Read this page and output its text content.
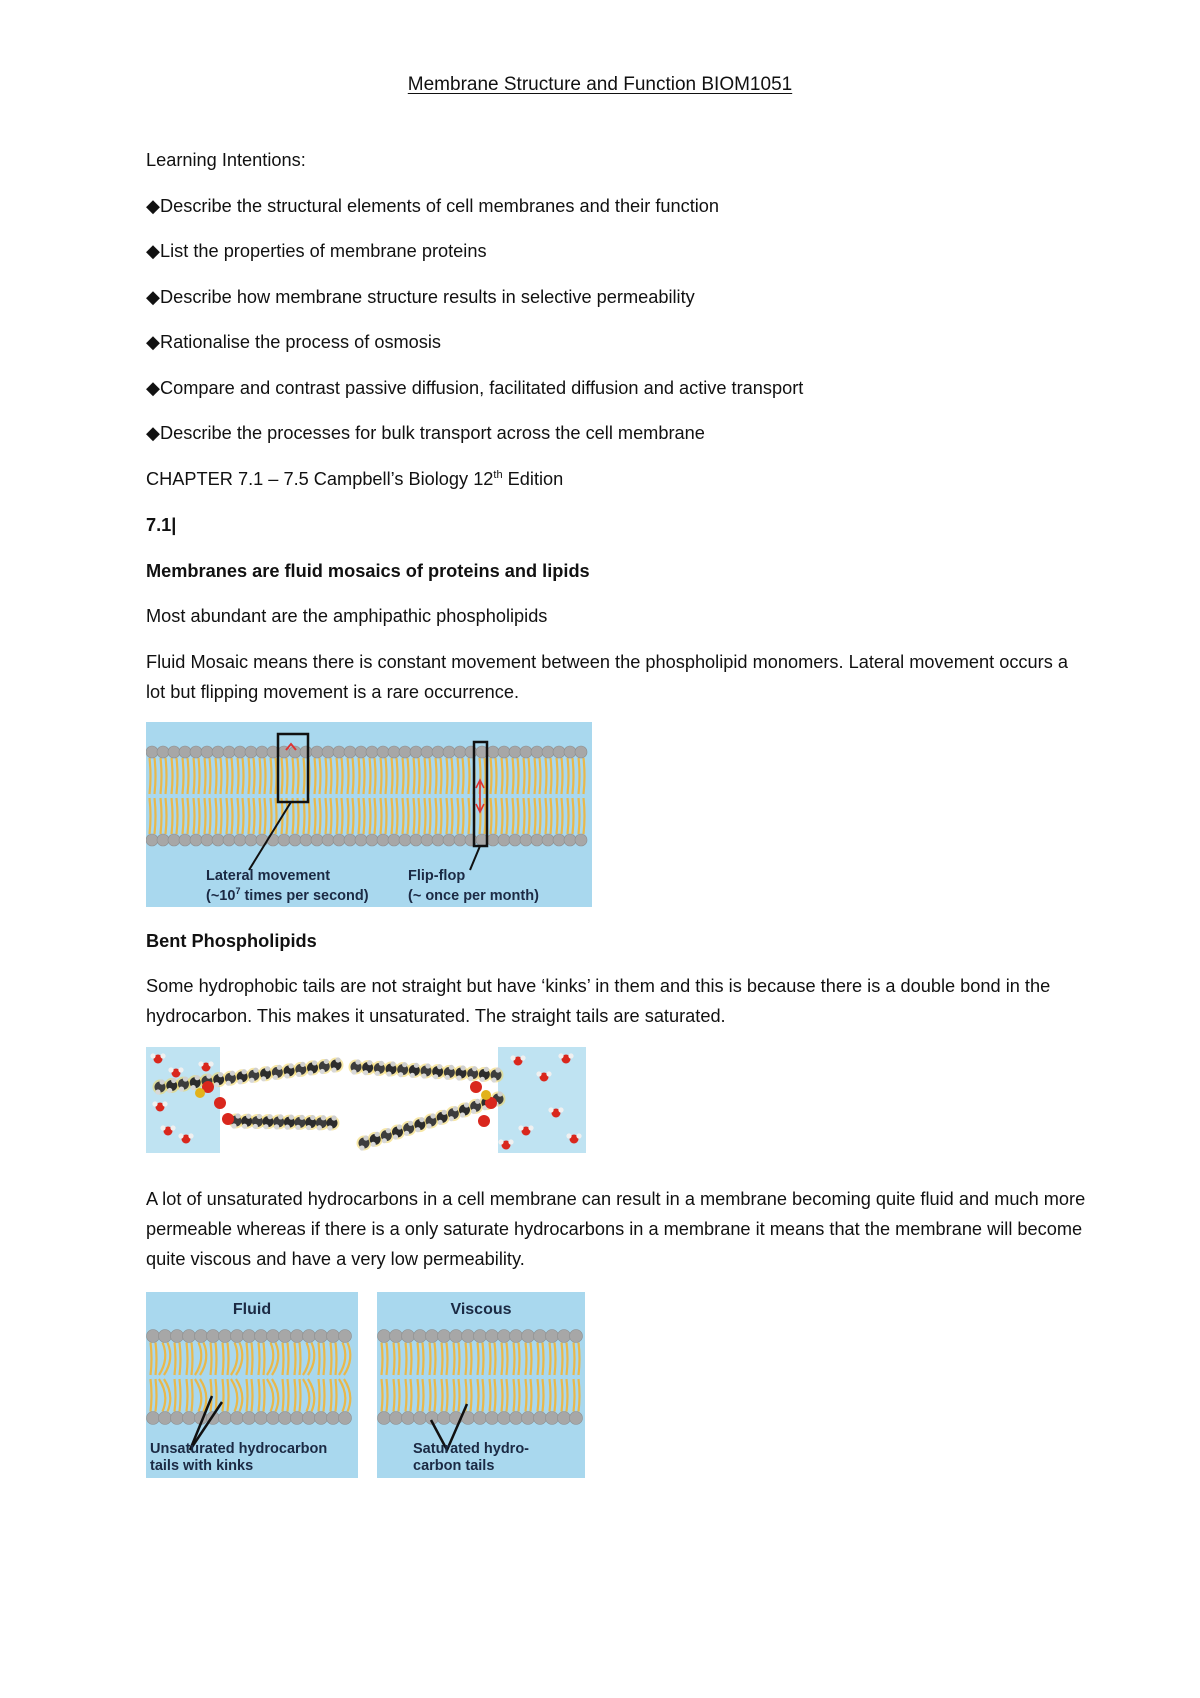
Membrane Structure and Function BIOM1051
Learning Intentions:
◆Describe the structural elements of cell membranes and their function
◆List the properties of membrane proteins
◆Describe how membrane structure results in selective permeability
◆Rationalise the process of osmosis
◆Compare and contrast passive diffusion, facilitated diffusion and active transport
◆Describe the processes for bulk transport across the cell membrane
CHAPTER 7.1 – 7.5 Campbell’s Biology 12th Edition
7.1|
Membranes are fluid mosaics of proteins and lipids
Most abundant are the amphipathic phospholipids
Fluid Mosaic means there is constant movement between the phospholipid monomers. Lateral movement occurs a lot but flipping movement is a rare occurrence.
Lateral movement
($\sim 10^7$ times per second)
Flip-flop
(~ once per month)
Bent Phospholipids
Some hydrophobic tails are not straight but have ‘kinks’ in them and this is because there is a double bond in the hydrocarbon. This makes it unsaturated. The straight tails are saturated.
A lot of unsaturated hydrocarbons in a cell membrane can result in a membrane becoming quite fluid and much more permeable whereas if there is a only saturate hydrocarbons in a membrane it means that the membrane will become quite viscous and have a very low permeability.
Fluid
Unsaturated hydrocarbon
tails with kinks
Viscous
Saturated hydro-
carbon tails
